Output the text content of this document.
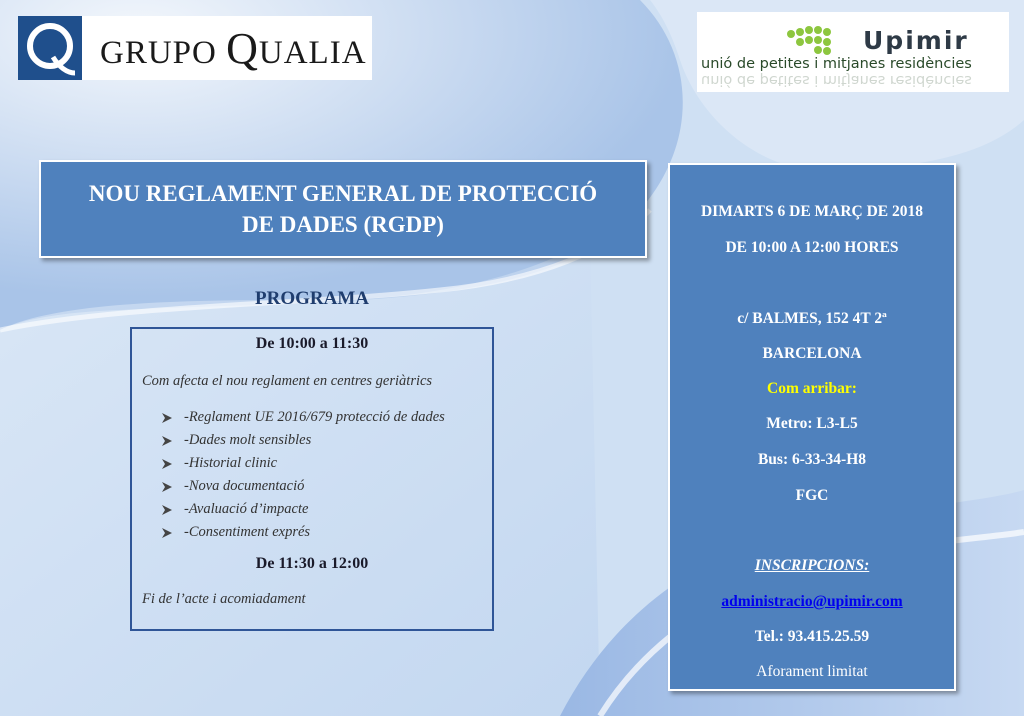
GRUPO QUALIA	Upimir
unió de petites i mitjanes residències
unió de petites i mitjanes residències
NOU REGLAMENT GENERAL DE PROTECCIÓ
DE DADES (RGDP)
PROGRAMA
De 10:00 a 11:30
Com afecta el nou reglament en centres geriàtrics
-Reglament UE 2016/679 protecció de dades
-Dades molt sensibles
-Historial clinic
-Nova documentació
-Avaluació d’impacte
-Consentiment exprés
De 11:30 a 12:00
Fi de l’acte i acomiadament
DIMARTS 6 DE MARÇ DE 2018
DE 10:00 A 12:00 HORES
c/ BALMES, 152 4T 2ª
BARCELONA
Com arribar:
Metro: L3-L5
Bus: 6-33-34-H8
FGC
INSCRIPCIONS:
administracio@upimir.com
Tel.: 93.415.25.59
Aforament limitat
